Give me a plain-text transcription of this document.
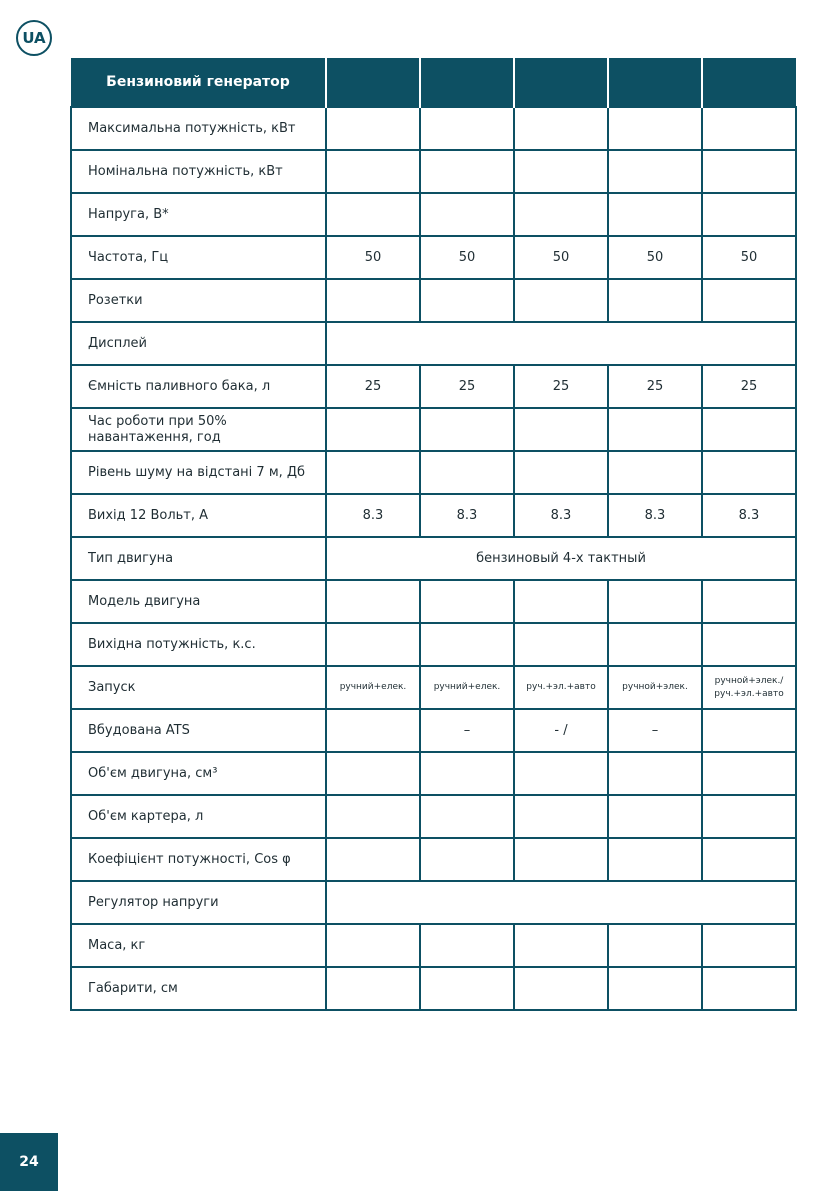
UA
Бензиновий генератор					
Максимальна потужність, кВт					
Номінальна потужність, кВт					
Напруга, В*					
Частота, Гц	50	50	50	50	50
Розетки					
Дисплей					
Ємність паливного бака, л	25	25	25	25	25
Час роботи при 50% навантаження, год					
Рівень шуму на відстані 7 м, Дб					
Вихід 12 Вольт, А	8.3	8.3	8.3	8.3	8.3
Тип двигуна	бензиновый 4-х тактный				
Модель двигуна					
Вихідна потужність, к.с.					
Запуск	ручний+елек.	ручний+елек.	руч.+эл.+авто	ручной+элек.	ручной+элек./ руч.+эл.+авто
Вбудована ATS		–	- /	–	
Об'єм двигуна, см³					
Об'єм картера, л					
Коефіцієнт потужності, Cos φ					
Регулятор напруги					
Маса, кг					
Габарити, см					
24
